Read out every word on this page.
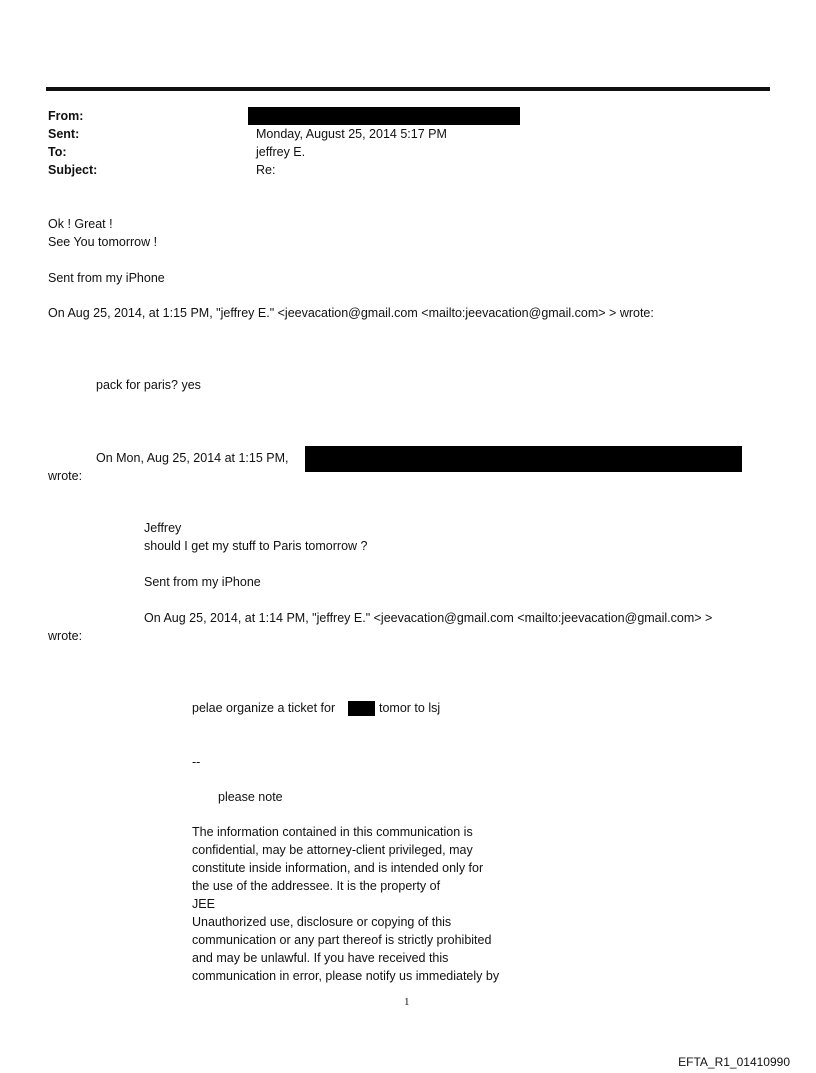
From:
Sent:	Monday, August 25, 2014 5:17 PM
To:	jeffrey E.
Subject:	Re:
Ok ! Great !
See You tomorrow !
Sent from my iPhone
On Aug 25, 2014, at 1:15 PM, "jeffrey E." <jeevacation@gmail.com <mailto:jeevacation@gmail.com> > wrote:
pack for paris? yes
On Mon, Aug 25, 2014 at 1:15 PM,
wrote:
Jeffrey
should I get my stuff to Paris tomorrow ?
Sent from my iPhone
On Aug 25, 2014, at 1:14 PM, "jeffrey E." <jeevacation@gmail.com <mailto:jeevacation@gmail.com> >
wrote:
pelae organize a ticket for	tomor to lsj
--
please note
The information contained in this communication is
confidential, may be attorney-client privileged, may
constitute inside information, and is intended only for
the use of the addressee. It is the property of
JEE
Unauthorized use, disclosure or copying of this
communication or any part thereof is strictly prohibited
and may be unlawful. If you have received this
communication in error, please notify us immediately by
1
EFTA_R1_01410990
